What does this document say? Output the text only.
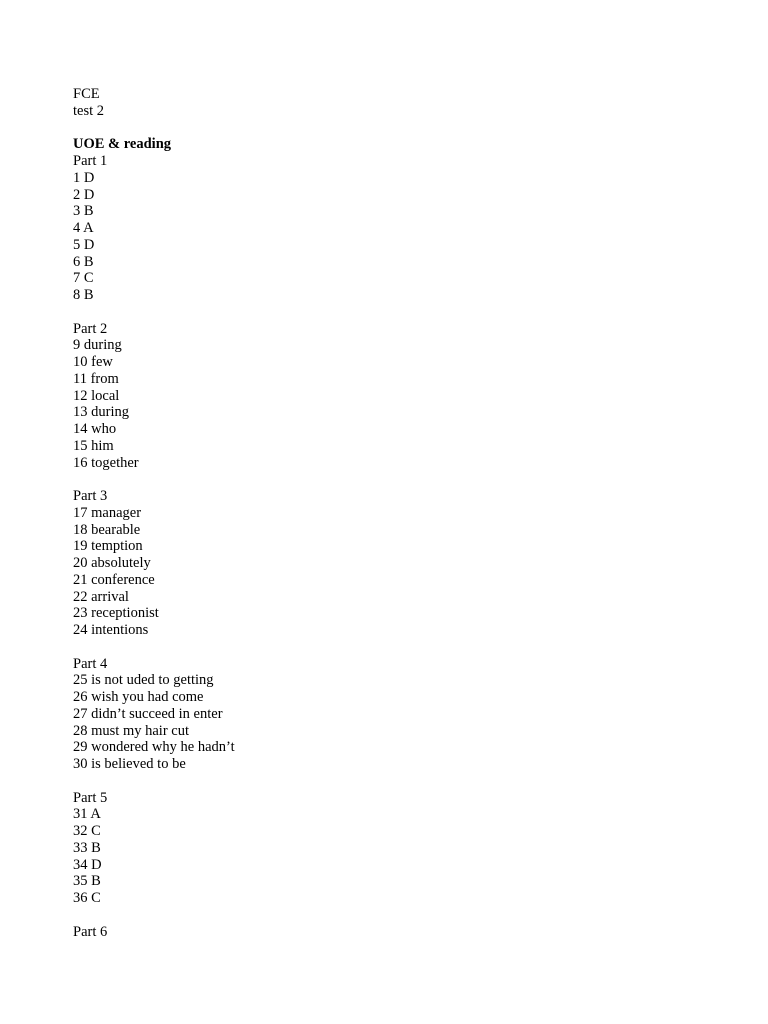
FCE
test 2
UOE & reading
Part 1
1 D
2 D
3 B
4 A
5 D
6 B
7 C
8 B
Part 2
9 during
10 few
11 from
12 local
13 during
14 who
15 him
16 together
Part 3
17 manager
18 bearable
19 temption
20 absolutely
21 conference
22 arrival
23 receptionist
24 intentions
Part 4
25 is not uded to getting
26 wish you had come
27 didn’t succeed in enter
28 must my hair cut
29 wondered why he hadn’t
30 is believed to be
Part 5
31 A
32 C
33 B
34 D
35 B
36 C
Part 6
